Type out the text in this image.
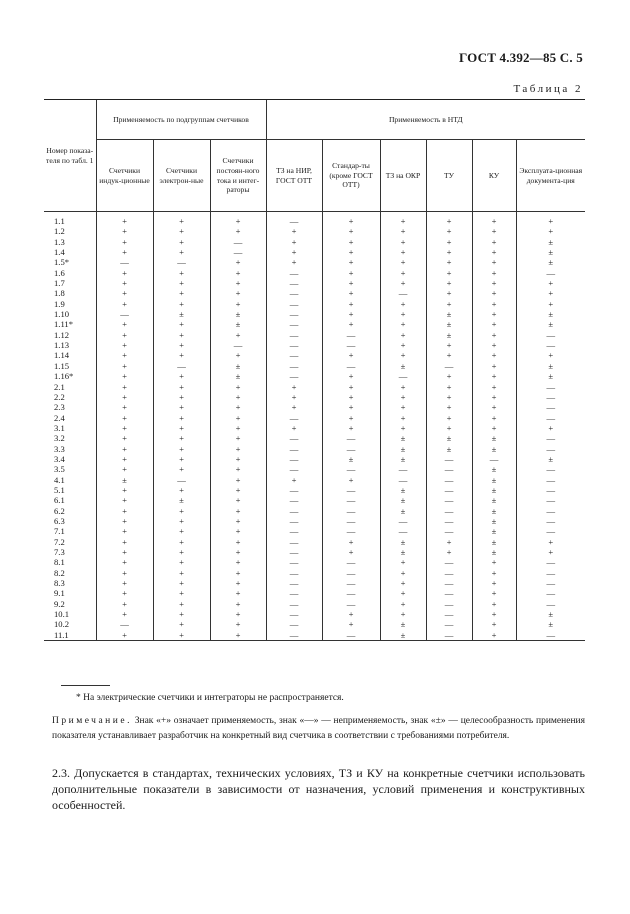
ГОСТ 4.392—85 С. 5
Таблица 2
Номер показа-теля по табл. 1	Применяемость по подгруппам счетчиков			Применяемость в НТД					
	Счетчики индук-ционные	Счетчики электрон-ные	Счетчики постоян-ного тока и интег-раторы	ТЗ на НИР, ГОСТ ОТТ	Стандар-ты (кроме ГОСТ ОТТ)	ТЗ на ОКР	ТУ	КУ	Эксплуата-ционная документа-ция
1.1	+	+	+	—	+	+	+	+	+
1.2	+	+	+	+	+	+	+	+	+
1.3	+	+	—	+	+	+	+	+	±
1.4	+	+	—	+	+	+	+	+	±
1.5*	—	—	+	+	+	+	+	+	±
1.6	+	+	+	—	+	+	+	+	—
1.7	+	+	+	—	+	+	+	+	+
1.8	+	+	+	—	+	—	+	+	+
1.9	+	+	+	—	+	+	+	+	+
1.10	—	±	±	—	+	+	±	+	±
1.11*	+	+	±	—	+	+	±	+	±
1.12	+	+	+	—	—	+	±	+	—
1.13	+	+	—	—	—	+	+	+	—
1.14	+	+	+	—	+	+	+	+	+
1.15	+	—	±	—	—	±	—	+	±
1.16*	+	+	±	—	+	—	+	+	±
2.1	+	+	+	+	+	+	+	+	—
2.2	+	+	+	+	+	+	+	+	—
2.3	+	+	+	+	+	+	+	+	—
2.4	+	+	+	—	+	+	+	+	—
3.1	+	+	+	+	+	+	+	+	+
3.2	+	+	+	—	—	±	±	±	—
3.3	+	+	+	—	—	±	±	±	—
3.4	+	+	+	—	±	±	—	—	±
3.5	+	+	+	—	—	—	—	±	—
4.1	±	—	+	+	+	—	—	±	—
5.1	+	+	+	—	—	±	—	±	—
6.1	+	±	+	—	—	±	—	±	—
6.2	+	+	+	—	—	±	—	±	—
6.3	+	+	+	—	—	—	—	±	—
7.1	+	+	+	—	—	—	—	±	—
7.2	+	+	+	—	+	±	+	±	+
7.3	+	+	+	—	+	±	+	±	+
8.1	+	+	+	—	—	+	—	+	—
8.2	+	+	+	—	—	+	—	+	—
8.3	+	+	+	—	—	+	—	+	—
9.1	+	+	+	—	—	+	—	+	—
9.2	+	+	+	—	—	+	—	+	—
10.1	+	+	+	—	+	+	—	+	±
10.2	—	+	+	—	+	±	—	+	±
11.1	+	+	+	—	—	±	—	+	—
* На электрические счетчики и интеграторы не распространяется.
Примечание. Знак «+» означает применяемость, знак «—» — неприменяемость, знак «±» — целесообразность применения показателя устанавливает разработчик на конкретный вид счетчика в соответствии с требованиями потребителя.
2.3. Допускается в стандартах, технических условиях, ТЗ и КУ на конкретные счетчики использовать дополнительные показатели в зависимости от назначения, условий применения и конструктивных особенностей.
